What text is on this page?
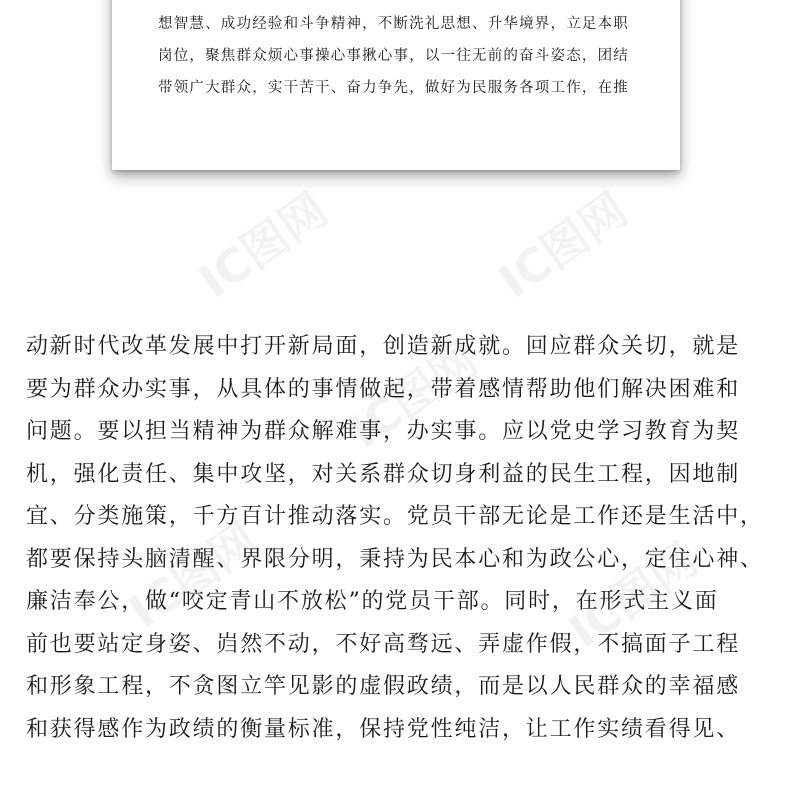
想智慧、成功经验和斗争精神，不断洗礼思想、升华境界，立足本职
岗位，聚焦群众烦心事操心事揪心事，以一往无前的奋斗姿态，团结
带领广大群众，实干苦干、奋力争先，做好为民服务各项工作，在推
IC图网	IC图网
IC图网
IC图网	IC图网
动新时代改革发展中打开新局面，创造新成就。回应群众关切，就是
要为群众办实事，从具体的事情做起，带着感情帮助他们解决困难和
问题。要以担当精神为群众解难事，办实事。应以党史学习教育为契
机，强化责任、集中攻坚，对关系群众切身利益的民生工程，因地制
宜、分类施策，千方百计推动落实。党员干部无论是工作还是生活中，
都要保持头脑清醒、界限分明，秉持为民本心和为政公心，定住心神、
廉洁奉公，做“咬定青山不放松”的党员干部。同时，在形式主义面
前也要站定身姿、岿然不动，不好高骛远、弄虚作假，不搞面子工程
和形象工程，不贪图立竿见影的虚假政绩，而是以人民群众的幸福感
和获得感作为政绩的衡量标准，保持党性纯洁，让工作实绩看得见、
